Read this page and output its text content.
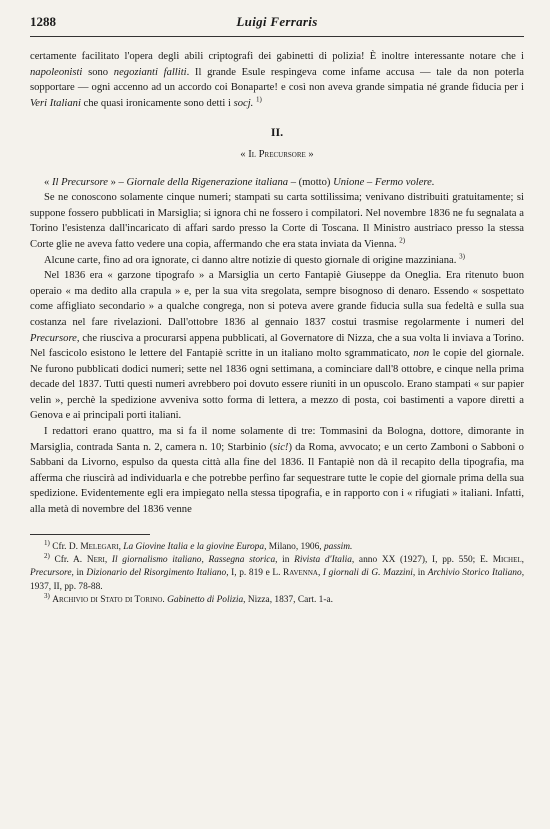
1288	Luigi Ferraris

certamente facilitato l'opera degli abili criptografi dei gabinetti di polizia! È inoltre interessante notare che i napoleonisti sono negozianti falliti. Il grande Esule respingeva come infame accusa — tale da non poterla sopportare — ogni accenno ad un accordo coi Bonaparte! e così non aveva grande simpatia né grande fiducia per i Veri Italiani che quasi ironicamente sono detti i socj. $^{1)}$

II.
« Il Precursore »

« Il Precursore » – Giornale della Rigenerazione italiana – (motto) Unione – Fermo volere.

Se ne conoscono solamente cinque numeri; stampati su carta sottilissima; venivano distribuiti gratuitamente; si suppone fossero pubblicati in Marsiglia; si ignora chi ne fossero i compilatori. Nel novembre 1836 ne fu segnalata a Torino l'esistenza dall'incaricato di affari sardo presso la Corte di Toscana. Il Ministro austriaco presso la stessa Corte glie ne aveva fatto vedere una copia, affermando che era stata inviata da Vienna. $^{2)}$

Alcune carte, fino ad ora ignorate, ci danno altre notizie di questo giornale di origine mazziniana. $^{3)}$

Nel 1836 era « garzone tipografo » a Marsiglia un certo Fantapiè Giuseppe da Oneglia. Era ritenuto buon operaio « ma dedito alla crapula » e, per la sua vita sregolata, sempre bisognoso di denaro. Essendo « sospettato come affigliato secondario » a qualche congrega, non si poteva avere grande fiducia sulla sua fedeltà e sulla sua costanza nel fare rivelazioni. Dall'ottobre 1836 al gennaio 1837 costui trasmise regolarmente i numeri del Precursore, che riusciva a procurarsi appena pubblicati, al Governatore di Nizza, che a sua volta li inviava a Torino. Nel fascicolo esistono le lettere del Fantapiè scritte in un italiano molto sgrammaticato, non le copie del giornale. Ne furono pubblicati dodici numeri; sette nel 1836 ogni settimana, a cominciare dall'8 ottobre, e cinque nella prima decade del 1837. Tutti questi numeri avrebbero poi dovuto essere riuniti in un opuscolo. Erano stampati « sur papier velin », perchè la spedizione avveniva sotto forma di lettera, a mezzo di posta, coi bastimenti a vapore diretti a Genova e ai principali porti italiani.

I redattori erano quattro, ma si fa il nome solamente di tre: Tommasini da Bologna, dottore, dimorante in Marsiglia, contrada Santa n. 2, camera n. 10; Starbinio (sic!) da Roma, avvocato; e un certo Zamboni o Sabboni o Sabbani da Livorno, espulso da questa città alla fine del 1836. Il Fantapiè non dà il recapito della tipografia, ma afferma che riuscirà ad individuarla e che potrebbe perfino far sequestrare tutte le copie del giornale prima della sua spedizione. Evidentemente egli era impiegato nella stessa tipografia, e in rapporto con i « rifugiati » italiani. Infatti, alla metà di novembre del 1836 venne

$^{1)}$ Cfr. D. Melegari, La Giovine Italia e la giovine Europa, Milano, 1906, passim.

$^{2)}$ Cfr. A. Neri, Il giornalismo italiano, Rassegna storica, in Rivista d'Italia, anno XX (1927), I, pp. 550; E. Michel, Precursore, in Dizionario del Risorgimento Italiano, I, p. 819 e L. Ravenna, I giornali di G. Mazzini, in Archivio Storico Italiano, 1937, II, pp. 78-88.

$^{3)}$ Archivio di Stato di Torino. Gabinetto di Polizia, Nizza, 1837, Cart. 1-a.
